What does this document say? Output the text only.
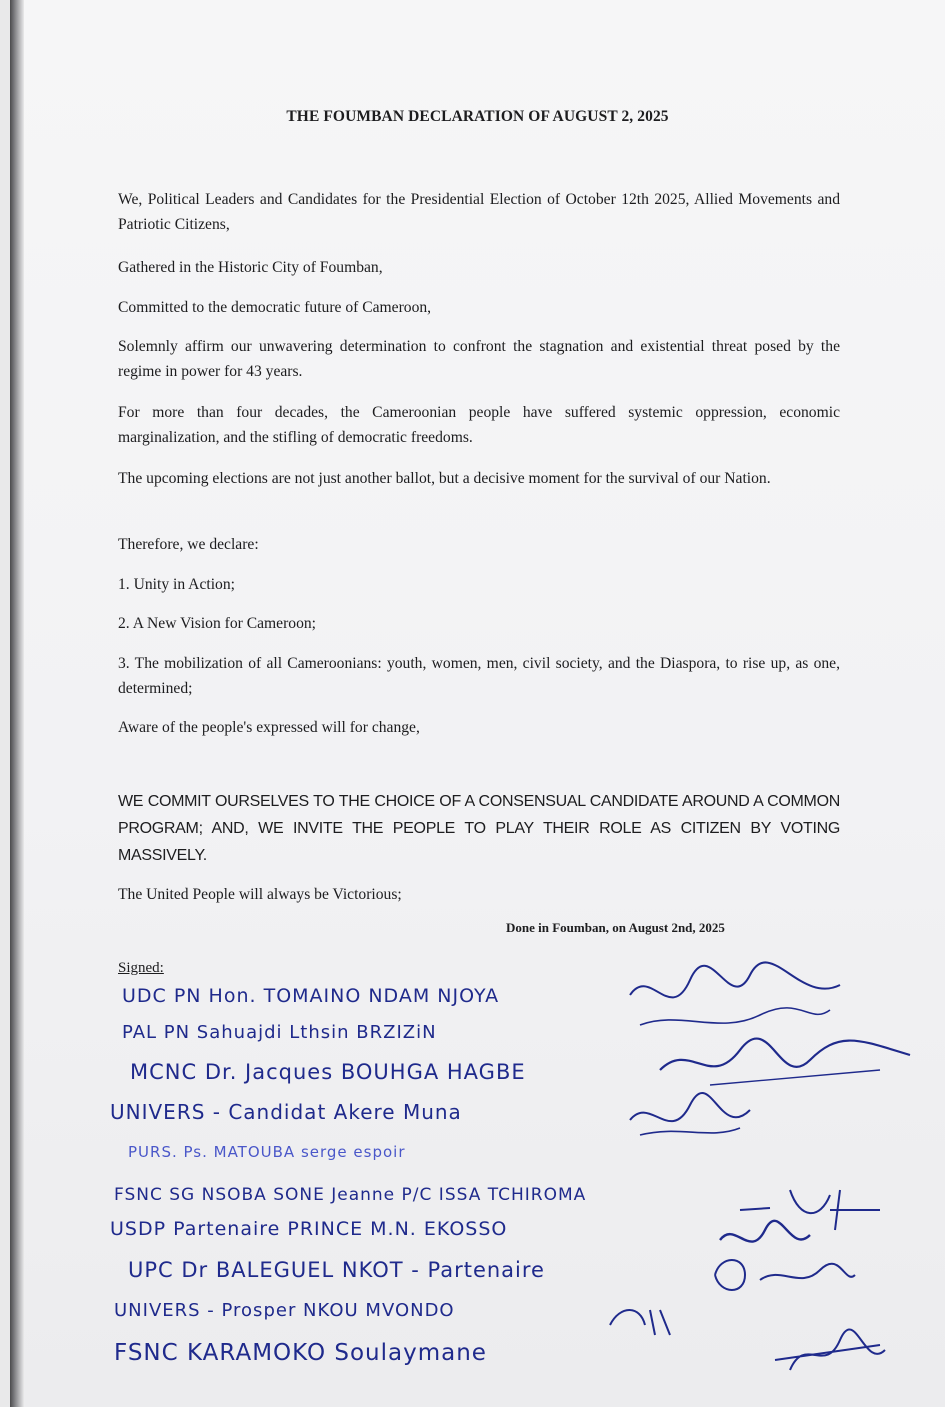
THE FOUMBAN DECLARATION OF AUGUST 2, 2025
We, Political Leaders and Candidates for the Presidential Election of October 12th 2025, Allied Movements and Patriotic Citizens,
Gathered in the Historic City of Foumban,
Committed to the democratic future of Cameroon,
Solemnly affirm our unwavering determination to confront the stagnation and existential threat posed by the regime in power for 43 years.
For more than four decades, the Cameroonian people have suffered systemic oppression, economic marginalization, and the stifling of democratic freedoms.
The upcoming elections are not just another ballot, but a decisive moment for the survival of our Nation.
Therefore, we declare:
1. Unity in Action;
2. A New Vision for Cameroon;
3. The mobilization of all Cameroonians: youth, women, men, civil society, and the Diaspora, to rise up, as one, determined;
Aware of the people's expressed will for change,
WE COMMIT OURSELVES TO THE CHOICE OF A CONSENSUAL CANDIDATE AROUND A COMMON PROGRAM; AND, WE INVITE THE PEOPLE TO PLAY THEIR ROLE AS CITIZEN BY VOTING MASSIVELY.
The United People will always be Victorious;
Done in Foumban, on August 2nd, 2025
Signed:
UDC PN Hon. TOMAINO NDAM NJOYA
PAL PN Sahuajdi Lthsin BRZIZiN
MCNC Dr. Jacques BOUHGA HAGBE
UNIVERS - Candidat Akere Muna
PURS. Ps. MATOUBA serge espoir
FSNC SG NSOBA SONE Jeanne P/C ISSA TCHIROMA
USDP Partenaire PRINCE M.N. EKOSSO
UPC Dr BALEGUEL NKOT - Partenaire
UNIVERS - Prosper NKOU MVONDO
FSNC KARAMOKO Soulaymane
